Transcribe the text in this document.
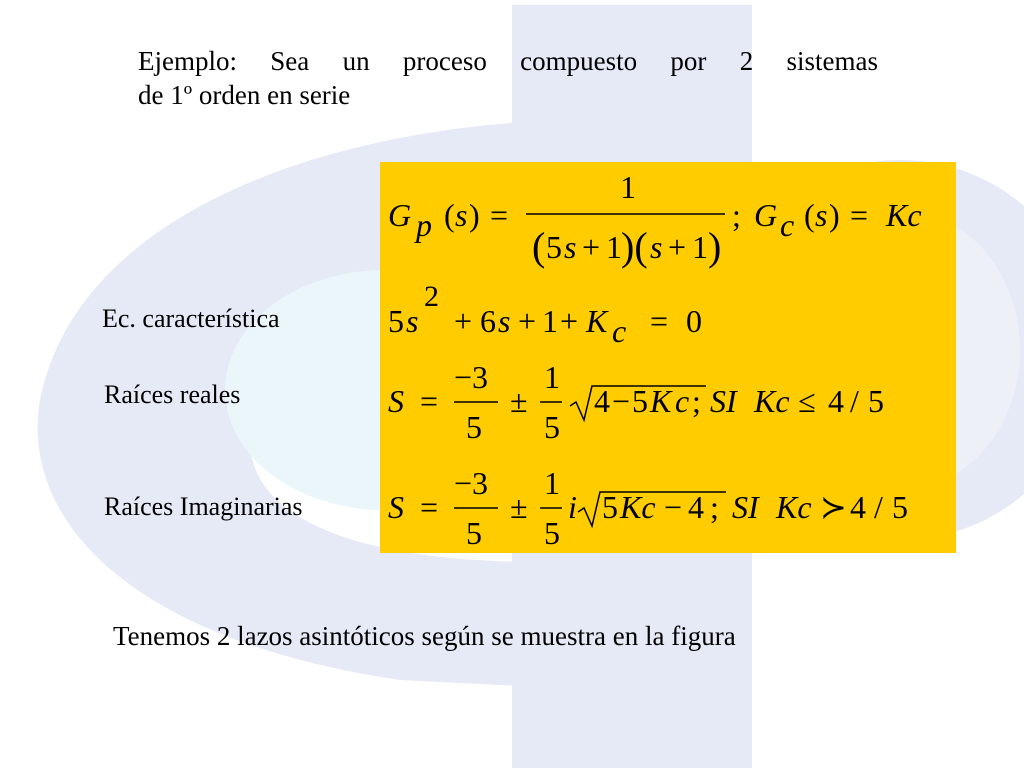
Ejemplo: Sea un proceso compuesto por 2 sistemas
de 1º orden en serie
Ec. característica
Raíces reales
Raíces Imaginarias
G p ( s ) =
1
( 5 s + 1 )( s + 1 )
; G c ( s ) = Kc
5 s
2
+ 6 s + 1 + K c = 0
S =
−3
5
±
1
5
4 − 5 K c ; SI Kc ≤ 4 / 5
S =
−3
5
±
1
5
i 5 Kc − 4 ; SI Kc ≻ 4 / 5
Tenemos 2 lazos asintóticos según se muestra en la figura
